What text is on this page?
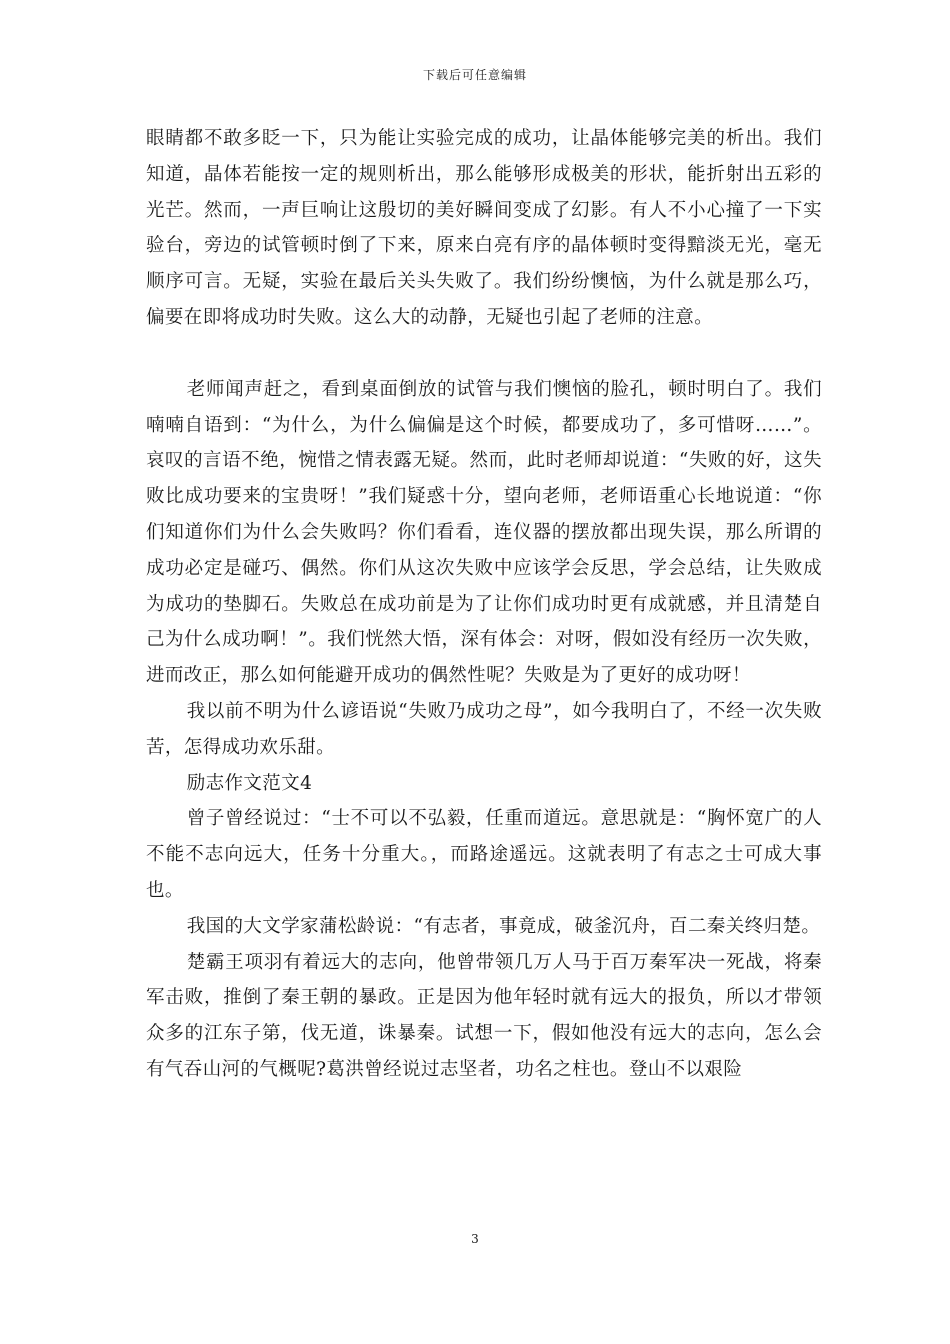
下载后可任意编辑

眼睛都不敢多眨一下，只为能让实验完成的成功，让晶体能够完美的析出。我们知道，晶体若能按一定的规则析出，那么能够形成极美的形状，能折射出五彩的光芒。然而，一声巨响让这殷切的美好瞬间变成了幻影。有人不小心撞了一下实验台，旁边的试管顿时倒了下来，原来白亮有序的晶体顿时变得黯淡无光，毫无顺序可言。无疑，实验在最后关头失败了。我们纷纷懊恼，为什么就是那么巧，偏要在即将成功时失败。这么大的动静，无疑也引起了老师的注意。

老师闻声赶之，看到桌面倒放的试管与我们懊恼的脸孔，顿时明白了。我们喃喃自语到：“为什么，为什么偏偏是这个时候，都要成功了，多可惜呀……”。哀叹的言语不绝，惋惜之情表露无疑。然而，此时老师却说道：“失败的好，这失败比成功要来的宝贵呀！”我们疑惑十分，望向老师，老师语重心长地说道：“你们知道你们为什么会失败吗？你们看看，连仪器的摆放都出现失误，那么所谓的成功必定是碰巧、偶然。你们从这次失败中应该学会反思，学会总结，让失败成为成功的垫脚石。失败总在成功前是为了让你们成功时更有成就感，并且清楚自己为什么成功啊！”。我们恍然大悟，深有体会：对呀，假如没有经历一次失败，进而改正，那么如何能避开成功的偶然性呢？失败是为了更好的成功呀！

我以前不明为什么谚语说“失败乃成功之母”，如今我明白了，不经一次失败苦，怎得成功欢乐甜。

励志作文范文4

曾子曾经说过：“士不可以不弘毅，任重而道远。意思就是：“胸怀宽广的人不能不志向远大，任务十分重大。，而路途遥远。这就表明了有志之士可成大事也。

我国的大文学家蒲松龄说：“有志者，事竟成，破釜沉舟，百二秦关终归楚。

楚霸王项羽有着远大的志向，他曾带领几万人马于百万秦军决一死战，将秦军击败，推倒了秦王朝的暴政。正是因为他年轻时就有远大的报负，所以才带领众多的江东子第，伐无道，诛暴秦。试想一下，假如他没有远大的志向，怎么会有气吞山河的气概呢?葛洪曾经说过志坚者，功名之柱也。登山不以艰险

3
